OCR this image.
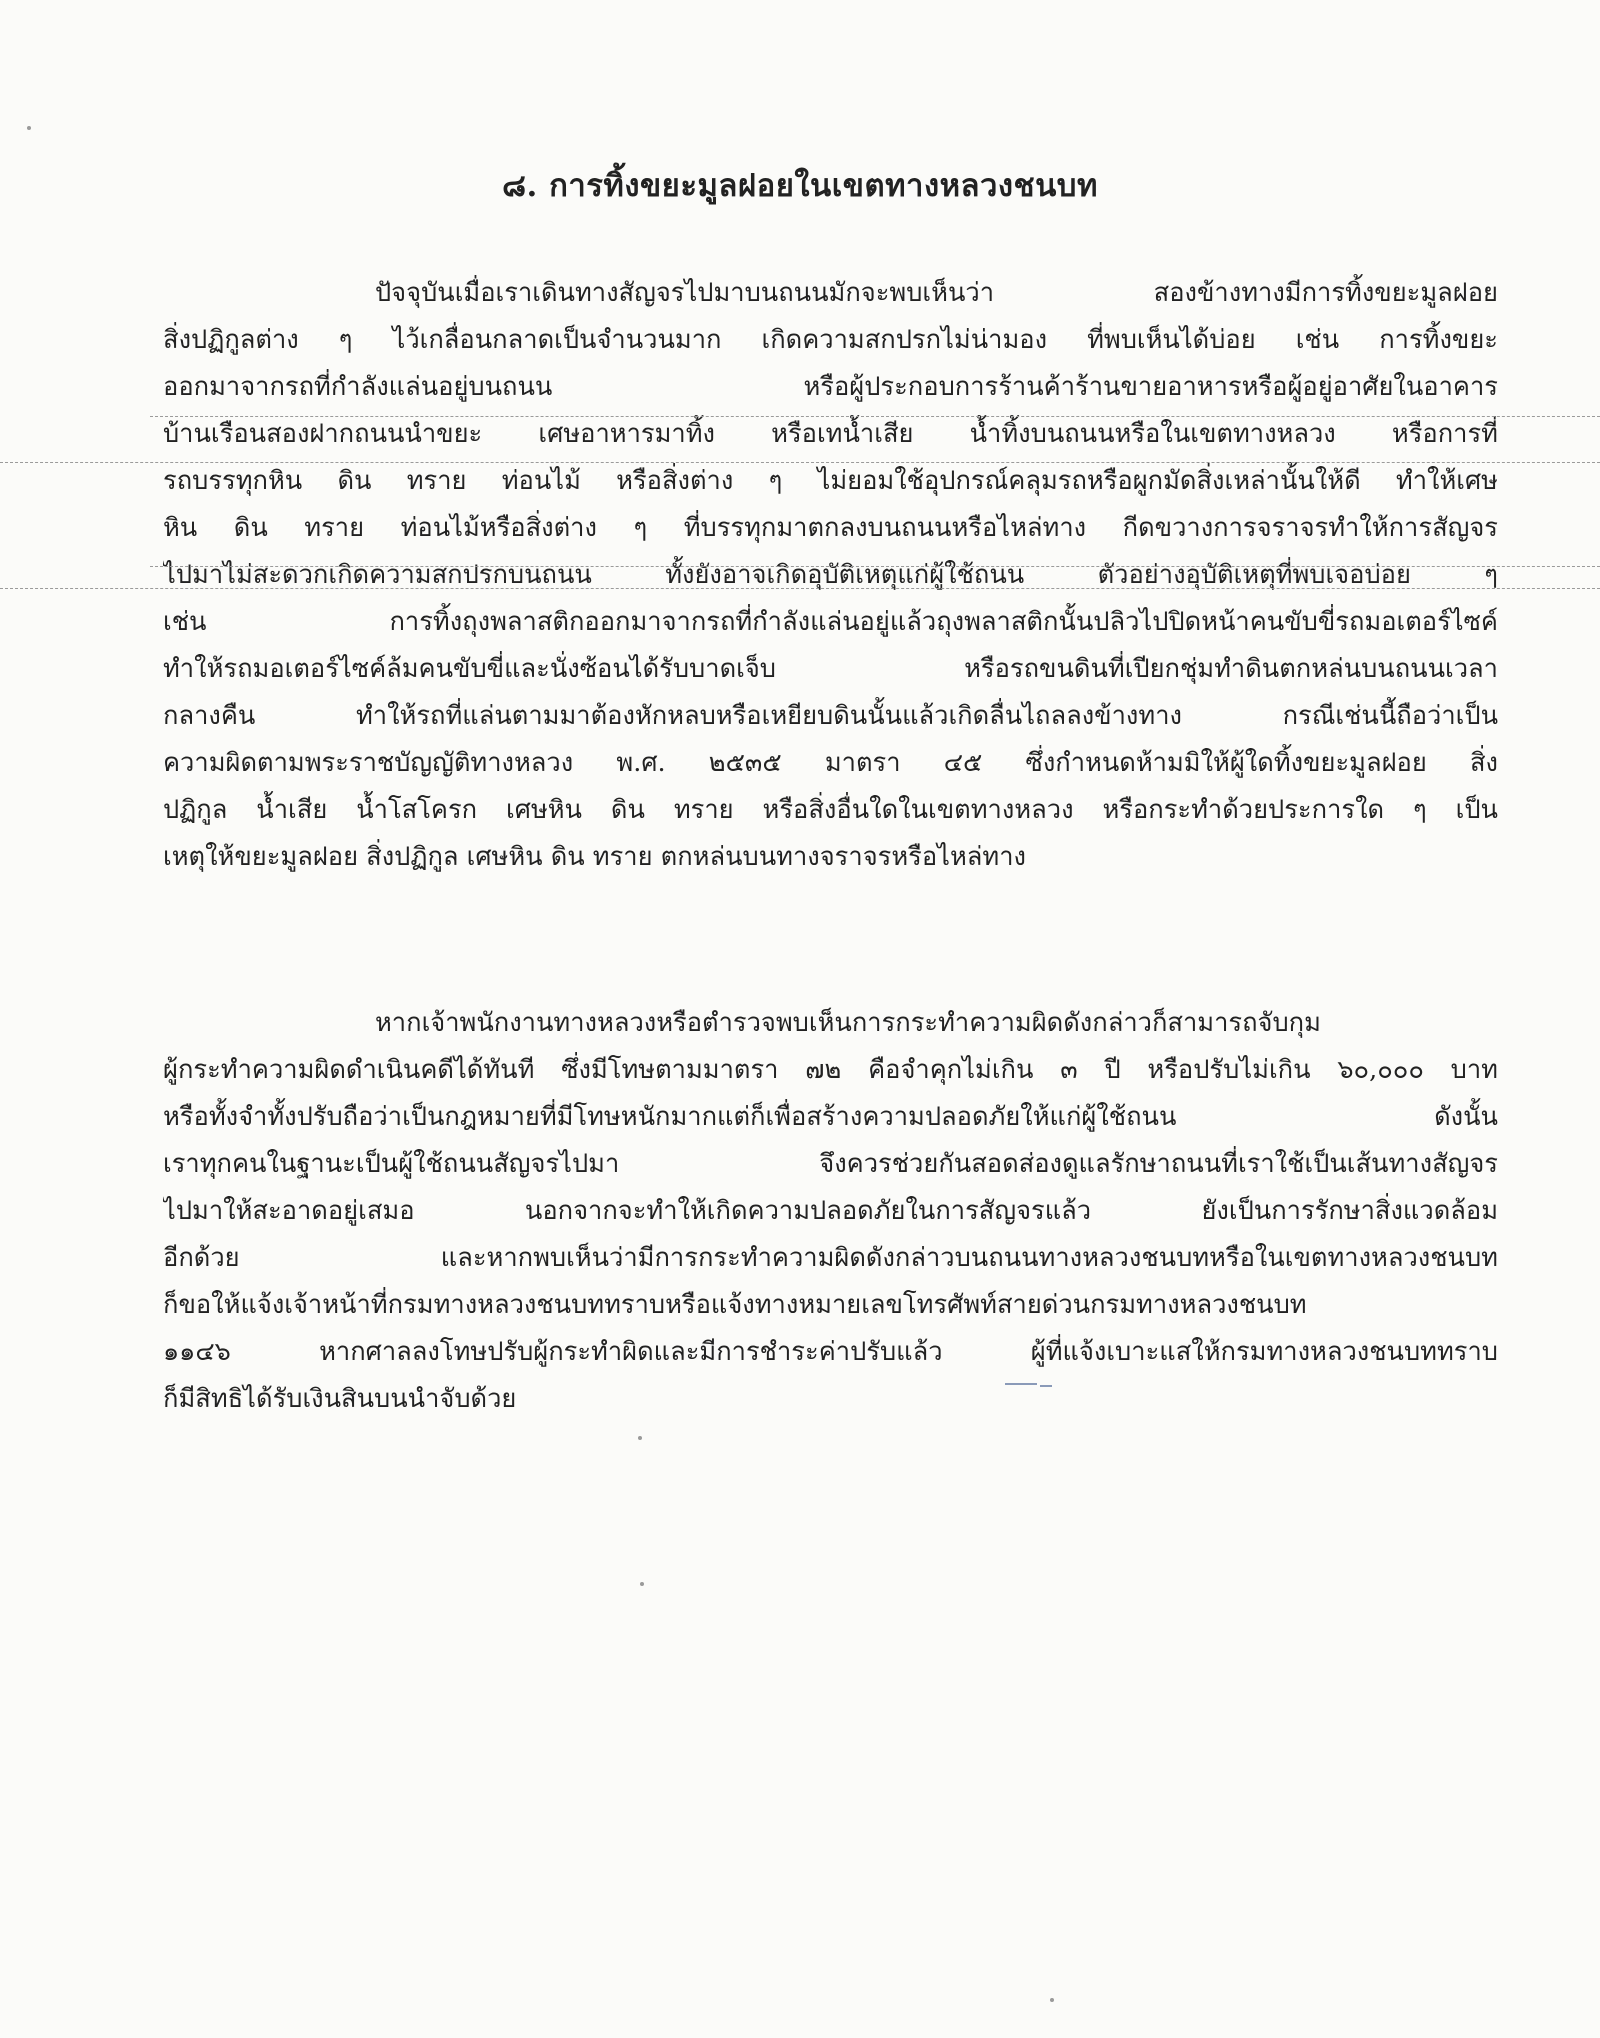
๘. การทิ้งขยะมูลฝอยในเขตทางหลวงชนบท
ปัจจุบันเมื่อเราเดินทางสัญจรไปมาบนถนนมักจะพบเห็นว่า สองข้างทางมีการทิ้งขยะมูลฝอย
สิ่งปฏิกูลต่าง ๆ ไว้เกลื่อนกลาดเป็นจำนวนมาก เกิดความสกปรกไม่น่ามอง ที่พบเห็นได้บ่อย เช่น การทิ้งขยะ
ออกมาจากรถที่กำลังแล่นอยู่บนถนน หรือผู้ประกอบการร้านค้าร้านขายอาหารหรือผู้อยู่อาศัยในอาคาร
บ้านเรือนสองฝากถนนนำขยะ เศษอาหารมาทิ้ง หรือเทน้ำเสีย น้ำทิ้งบนถนนหรือในเขตทางหลวง หรือการที่
รถบรรทุกหิน ดิน ทราย ท่อนไม้ หรือสิ่งต่าง ๆ ไม่ยอมใช้อุปกรณ์คลุมรถหรือผูกมัดสิ่งเหล่านั้นให้ดี ทำให้เศษ
หิน ดิน ทราย ท่อนไม้หรือสิ่งต่าง ๆ ที่บรรทุกมาตกลงบนถนนหรือไหล่ทาง กีดขวางการจราจรทำให้การสัญจร
ไปมาไม่สะดวกเกิดความสกปรกบนถนน ทั้งยังอาจเกิดอุบัติเหตุแก่ผู้ใช้ถนน ตัวอย่างอุบัติเหตุที่พบเจอบ่อย ๆ
เช่น การทิ้งถุงพลาสติกออกมาจากรถที่กำลังแล่นอยู่แล้วถุงพลาสติกนั้นปลิวไปปิดหน้าคนขับขี่รถมอเตอร์ไซค์
ทำให้รถมอเตอร์ไซค์ล้มคนขับขี่และนั่งซ้อนได้รับบาดเจ็บ หรือรถขนดินที่เปียกชุ่มทำดินตกหล่นบนถนนเวลา
กลางคืน ทำให้รถที่แล่นตามมาต้องหักหลบหรือเหยียบดินนั้นแล้วเกิดลื่นไถลลงข้างทาง กรณีเช่นนี้ถือว่าเป็น
ความผิดตามพระราชบัญญัติทางหลวง พ.ศ. ๒๕๓๕ มาตรา ๔๕ ซึ่งกำหนดห้ามมิให้ผู้ใดทิ้งขยะมูลฝอย สิ่ง
ปฏิกูล น้ำเสีย น้ำโสโครก เศษหิน ดิน ทราย หรือสิ่งอื่นใดในเขตทางหลวง หรือกระทำด้วยประการใด ๆ เป็น
เหตุให้ขยะมูลฝอย สิ่งปฏิกูล เศษหิน ดิน ทราย ตกหล่นบนทางจราจรหรือไหล่ทาง
หากเจ้าพนักงานทางหลวงหรือตำรวจพบเห็นการกระทำความผิดดังกล่าวก็สามารถจับกุม
ผู้กระทำความผิดดำเนินคดีได้ทันที ซึ่งมีโทษตามมาตรา ๗๒ คือจำคุกไม่เกิน ๓ ปี หรือปรับไม่เกิน ๖๐,๐๐๐ บาท
หรือทั้งจำทั้งปรับถือว่าเป็นกฎหมายที่มีโทษหนักมากแต่ก็เพื่อสร้างความปลอดภัยให้แก่ผู้ใช้ถนน ดังนั้น
เราทุกคนในฐานะเป็นผู้ใช้ถนนสัญจรไปมา จึงควรช่วยกันสอดส่องดูแลรักษาถนนที่เราใช้เป็นเส้นทางสัญจร
ไปมาให้สะอาดอยู่เสมอ นอกจากจะทำให้เกิดความปลอดภัยในการสัญจรแล้ว ยังเป็นการรักษาสิ่งแวดล้อม
อีกด้วย และหากพบเห็นว่ามีการกระทำความผิดดังกล่าวบนถนนทางหลวงชนบทหรือในเขตทางหลวงชนบท
ก็ขอให้แจ้งเจ้าหน้าที่กรมทางหลวงชนบททราบหรือแจ้งทางหมายเลขโทรศัพท์สายด่วนกรมทางหลวงชนบท
๑๑๔๖ หากศาลลงโทษปรับผู้กระทำผิดและมีการชำระค่าปรับแล้ว ผู้ที่แจ้งเบาะแสให้กรมทางหลวงชนบททราบ
ก็มีสิทธิได้รับเงินสินบนนำจับด้วย
